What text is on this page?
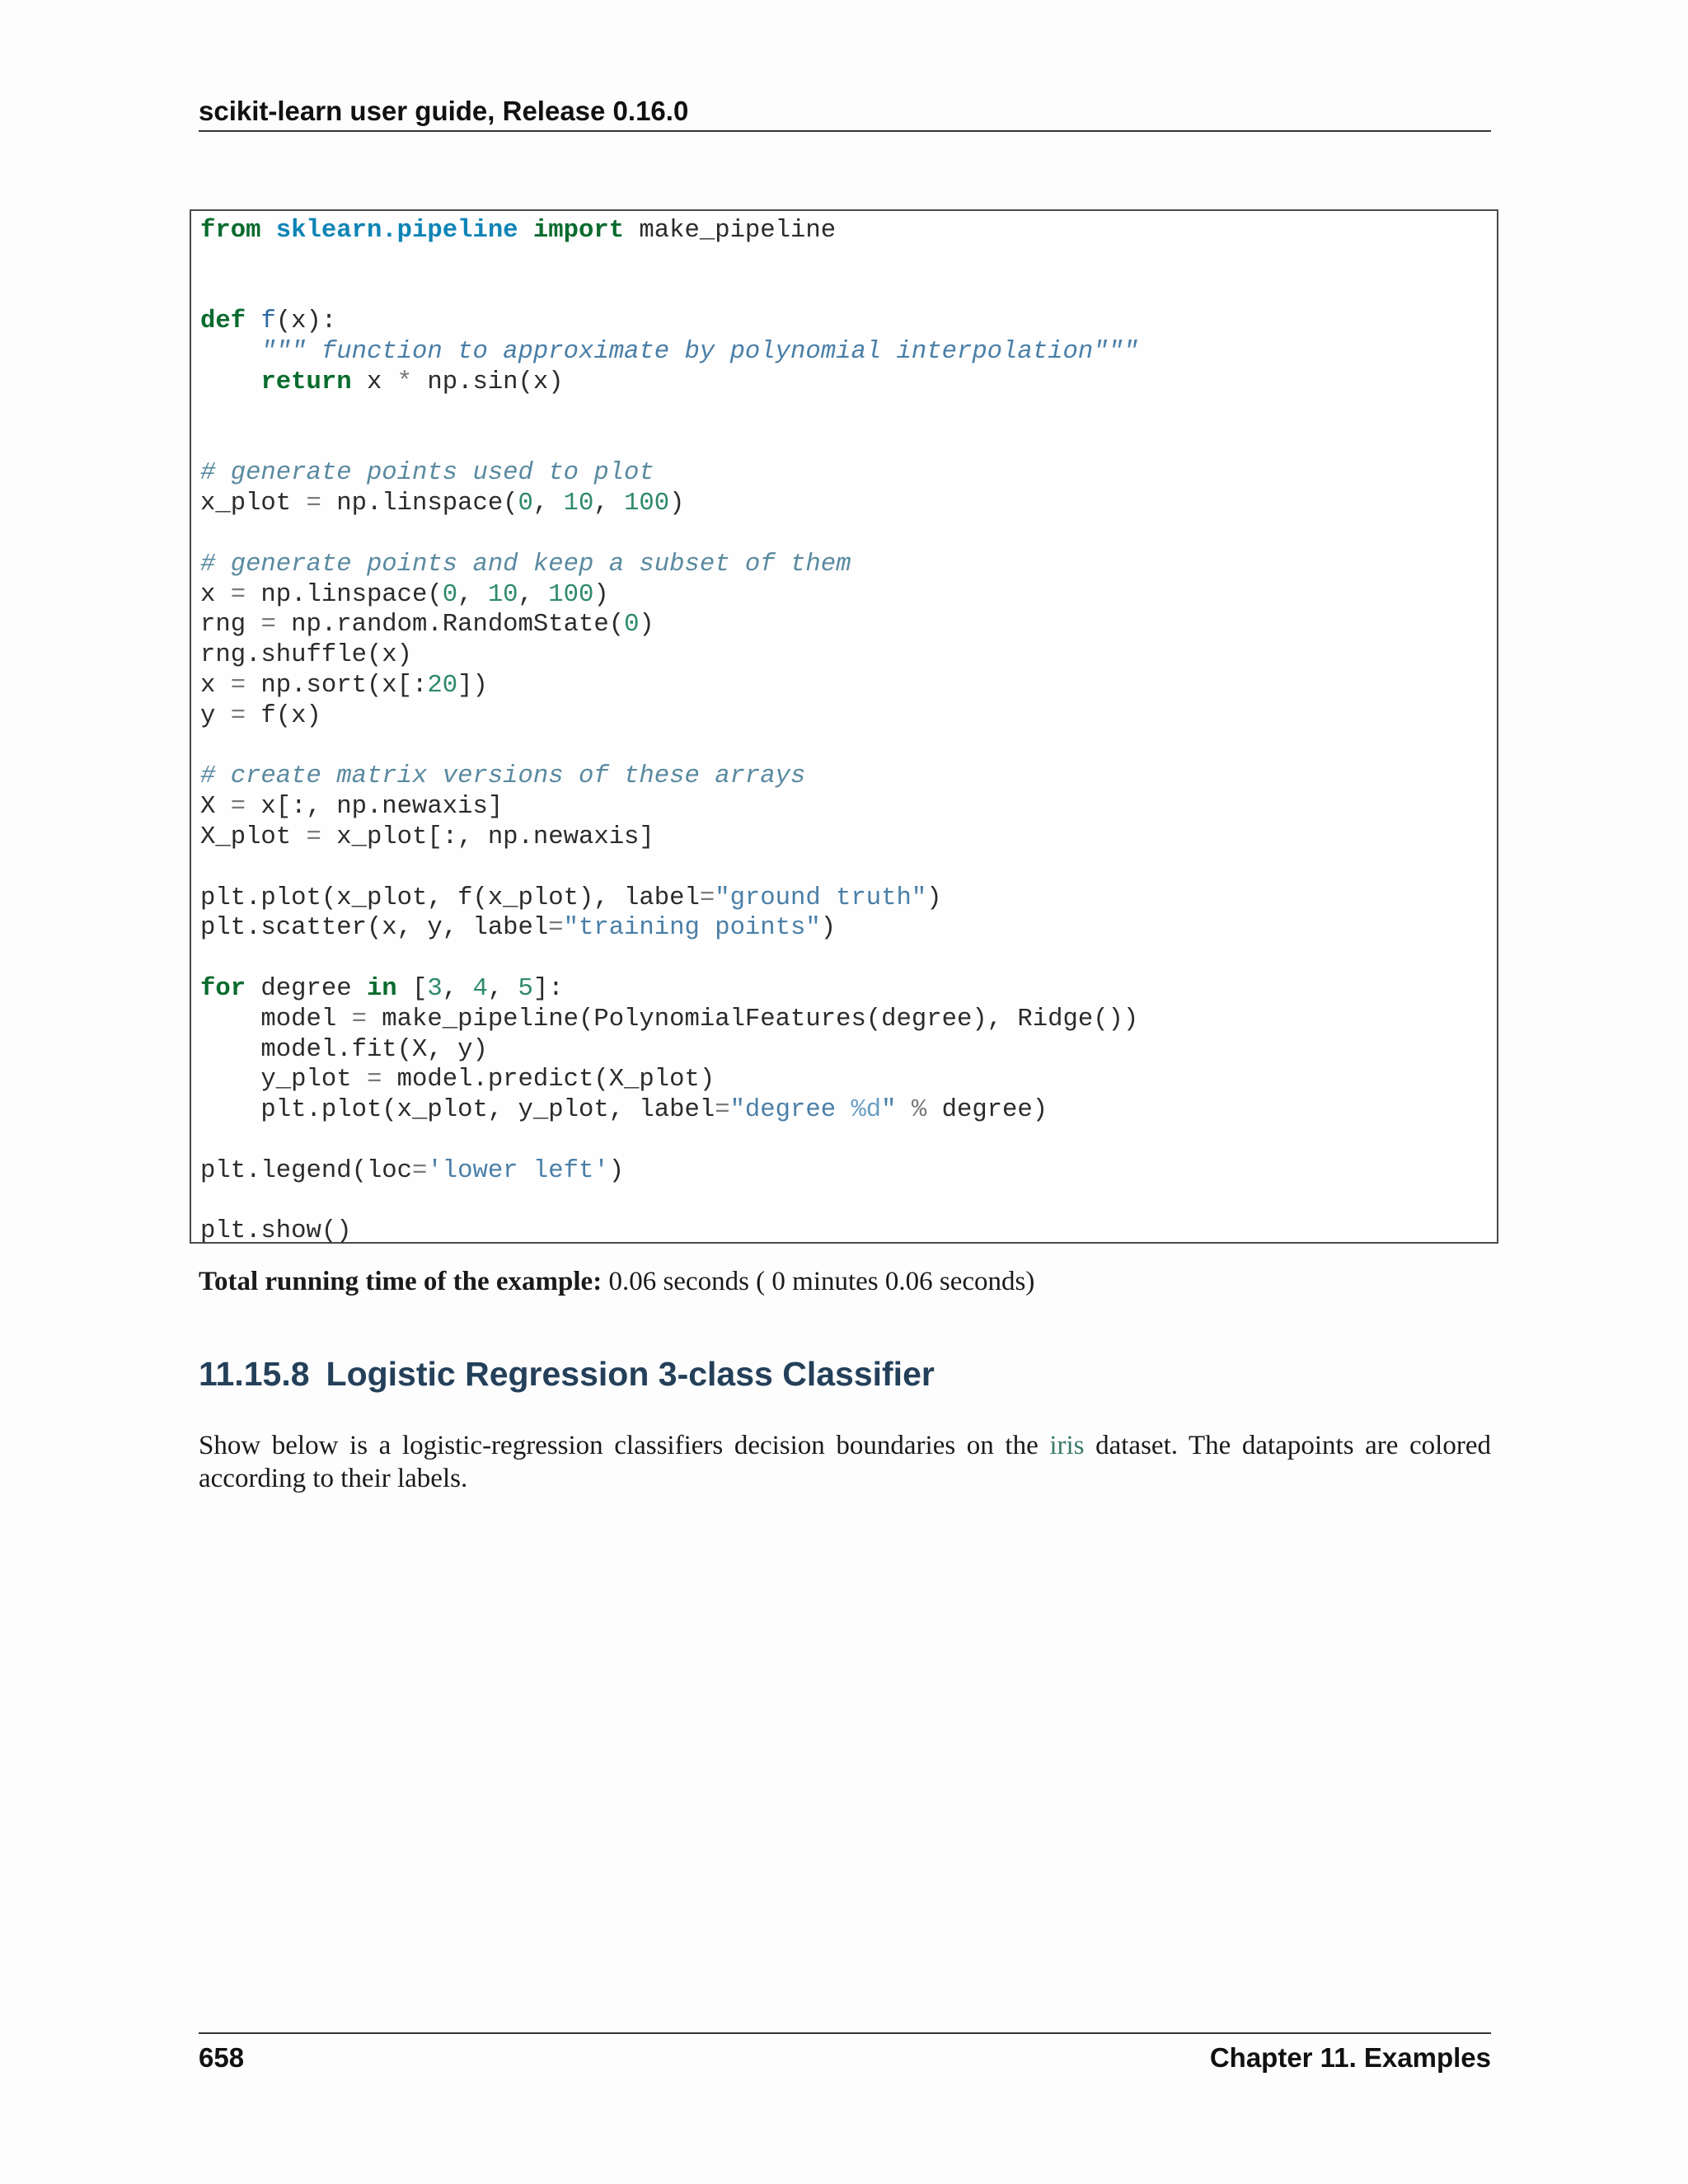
scikit-learn user guide, Release 0.16.0
from sklearn.pipeline import make_pipeline

def f(x):
""" function to approximate by polynomial interpolation"""
return x * np.sin(x)

# generate points used to plot
x_plot = np.linspace(0, 10, 100)

# generate points and keep a subset of them
x = np.linspace(0, 10, 100)
rng = np.random.RandomState(0)
rng.shuffle(x)
x = np.sort(x[:20])
y = f(x)

# create matrix versions of these arrays
X = x[:, np.newaxis]
X_plot = x_plot[:, np.newaxis]

plt.plot(x_plot, f(x_plot), label="ground truth")
plt.scatter(x, y, label="training points")

for degree in [3, 4, 5]:
model = make_pipeline(PolynomialFeatures(degree), Ridge())
model.fit(X, y)
y_plot = model.predict(X_plot)
plt.plot(x_plot, y_plot, label="degree %d" % degree)

plt.legend(loc='lower left')

plt.show()
Total running time of the example: 0.06 seconds ( 0 minutes 0.06 seconds)
11.15.8 Logistic Regression 3-class Classifier
Show below is a logistic-regression classifiers decision boundaries on the iris dataset. The datapoints are colored according to their labels.
658	Chapter 11. Examples
